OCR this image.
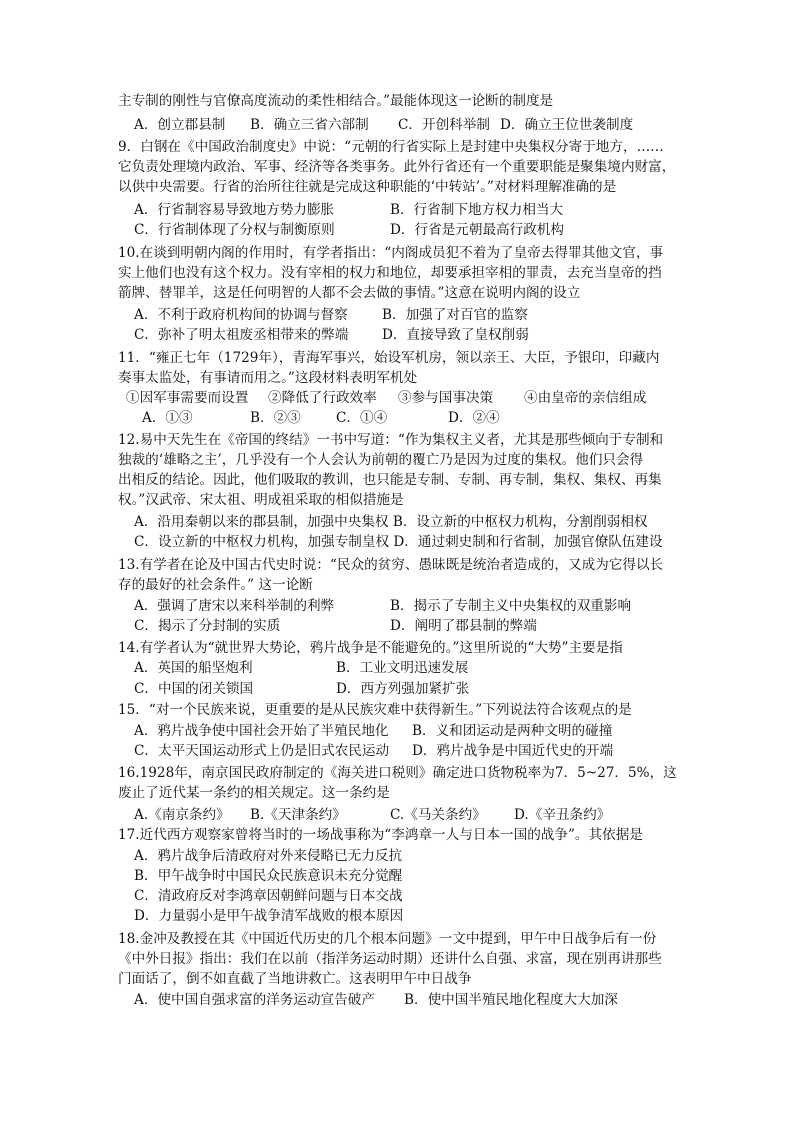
主专制的刚性与官僚高度流动的柔性相结合。”最能体现这一论断的制度是
A．创立郡县制 B．确立三省六部制 C．开创科举制 D．确立王位世袭制度
9．白钢在《中国政治制度史》中说：“元朝的行省实际上是封建中央集权分寄于地方，……
它负责处理境内政治、军事、经济等各类事务。此外行省还有一个重要职能是聚集境内财富，
以供中央需要。行省的治所往往就是完成这种职能的‘中转站’。”对材料理解准确的是
A．行省制容易导致地方势力膨胀	B．行省制下地方权力相当大
C．行省制体现了分权与制衡原则	D．行省是元朝最高行政机构
10.在谈到明朝内阁的作用时，有学者指出：“内阁成员犯不着为了皇帝去得罪其他文官，事
实上他们也没有这个权力。没有宰相的权力和地位，却要承担宰相的罪责，去充当皇帝的挡
箭牌、替罪羊，这是任何明智的人都不会去做的事情。”这意在说明内阁的设立
A．不利于政府机构间的协调与督察	B．加强了对百官的监察
C．弥补了明太祖废丞相带来的弊端 D．直接导致了皇权削弱
11．“雍正七年（1729年），青海军事兴，始设军机房，领以亲王、大臣，予银印，印藏内
奏事太监处，有事请而用之。”这段材料表明军机处
①因军事需要而设置 ②降低了行政效率 ③参与国事决策 ④由皇帝的亲信组成
A．①③	B．②③	C．①④	D．②④
12.易中天先生在《帝国的终结》一书中写道：“作为集权主义者，尤其是那些倾向于专制和
独裁的‘雄略之主’，几乎没有一个人会认为前朝的覆亡乃是因为过度的集权。他们只会得
出相反的结论。因此，他们吸取的教训，也只能是专制、专制、再专制，集权、集权、再集
权。”汉武帝、宋太祖、明成祖采取的相似措施是
A．沿用秦朝以来的郡县制，加强中央集权 B．设立新的中枢权力机构，分割削弱相权
C．设立新的中枢权力机构，加强专制皇权 D．通过刺史制和行省制，加强官僚队伍建设
13.有学者在论及中国古代史时说：“民众的贫穷、愚昧既是统治者造成的，又成为它得以长
存的最好的社会条件。” 这一论断
A．强调了唐宋以来科举制的利弊	B．揭示了专制主义中央集权的双重影响
C．揭示了分封制的实质	D．阐明了郡县制的弊端
14.有学者认为“就世界大势论，鸦片战争是不能避免的。”这里所说的“大势”主要是指
A．英国的船坚炮利	B．工业文明迅速发展
C．中国的闭关锁国	D．西方列强加紧扩张
15．“对一个民族来说，更重要的是从民族灾难中获得新生。”下列说法符合该观点的是
A．鸦片战争使中国社会开始了半殖民地化 B．义和团运动是两种文明的碰撞
C．太平天国运动形式上仍是旧式农民运动 D．鸦片战争是中国近代史的开端
16.1928年，南京国民政府制定的《海关进口税则》确定进口货物税率为7．5~27．5%，这
废止了近代某一条约的相关规定。这一条约是
A.《南京条约》 B.《天津条约》	C.《马关条约》 D.《辛丑条约》
17.近代西方观察家曾将当时的一场战事称为“李鸿章一人与日本一国的战争”。其依据是
A．鸦片战争后清政府对外来侵略已无力反抗
B．甲午战争时中国民众民族意识未充分觉醒
C．清政府反对李鸿章因朝鲜问题与日本交战
D．力量弱小是甲午战争清军战败的根本原因
18.金冲及教授在其《中国近代历史的几个根本问题》一文中提到，甲午中日战争后有一份
《中外日报》指出：我们在以前（指洋务运动时期）还讲什么自强、求富，现在别再讲那些
门面话了，倒不如直截了当地讲救亡。这表明甲午中日战争
A．使中国自强求富的洋务运动宣告破产 B．使中国半殖民地化程度大大加深
